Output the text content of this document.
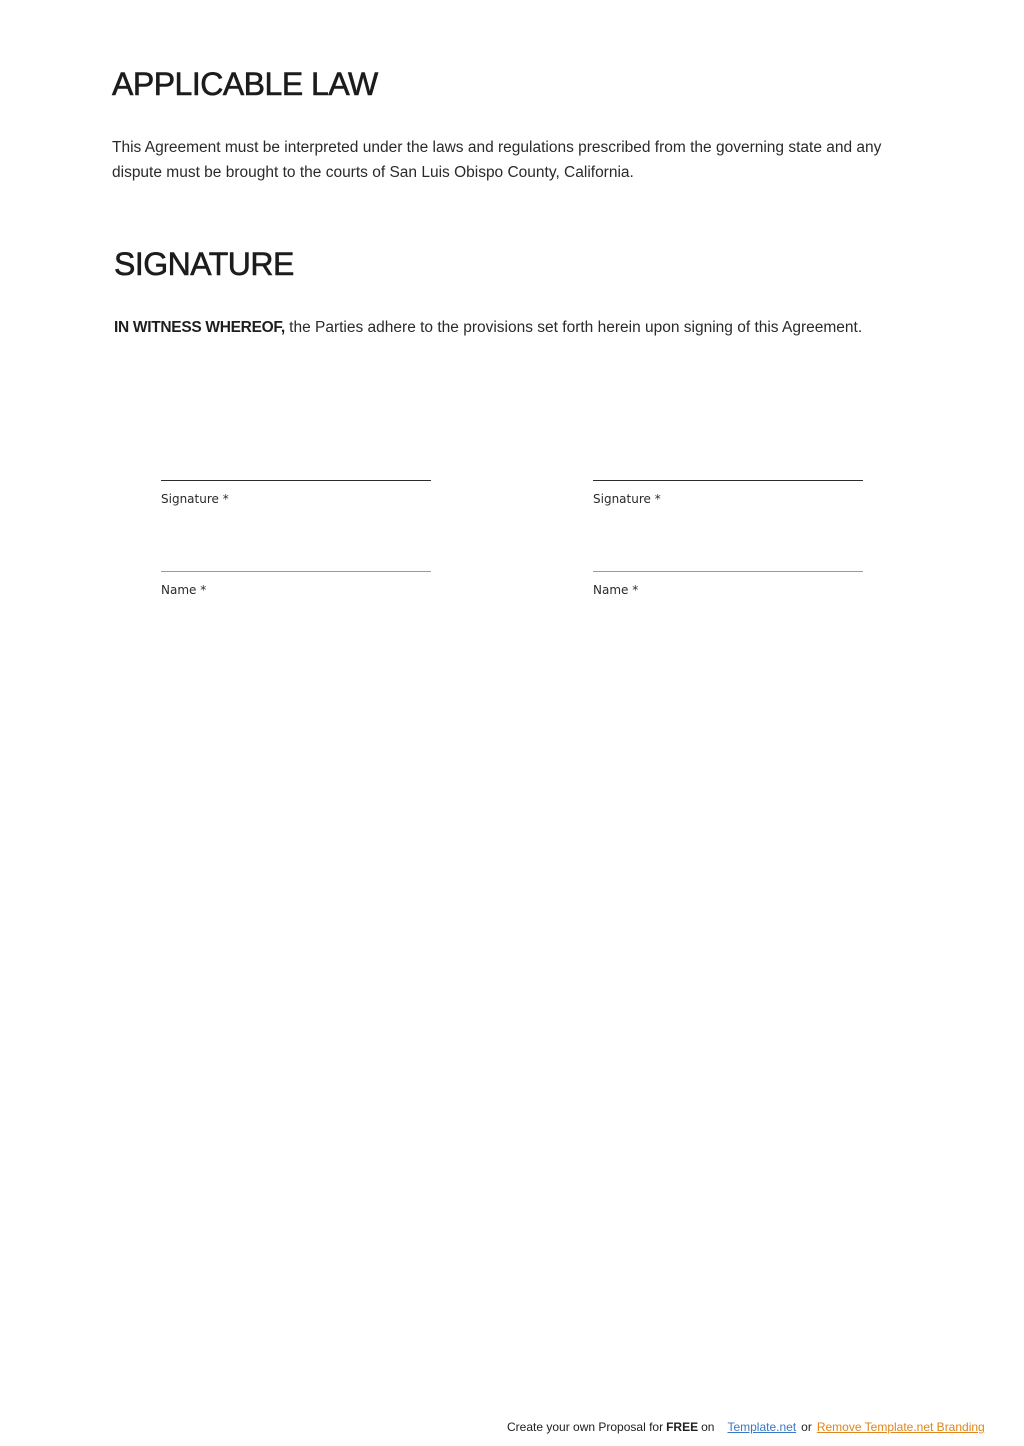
APPLICABLE LAW

This Agreement must be interpreted under the laws and regulations prescribed from the governing state and any

dispute must be brought to the courts of San Luis Obispo County, California.

SIGNATURE

IN WITNESS WHEREOF, the Parties adhere to the provisions set forth herein upon signing of this Agreement.

Signature *
Name *
Signature *
Name *
Create your own Proposal for FREE on Template.net or Remove Template.net Branding
